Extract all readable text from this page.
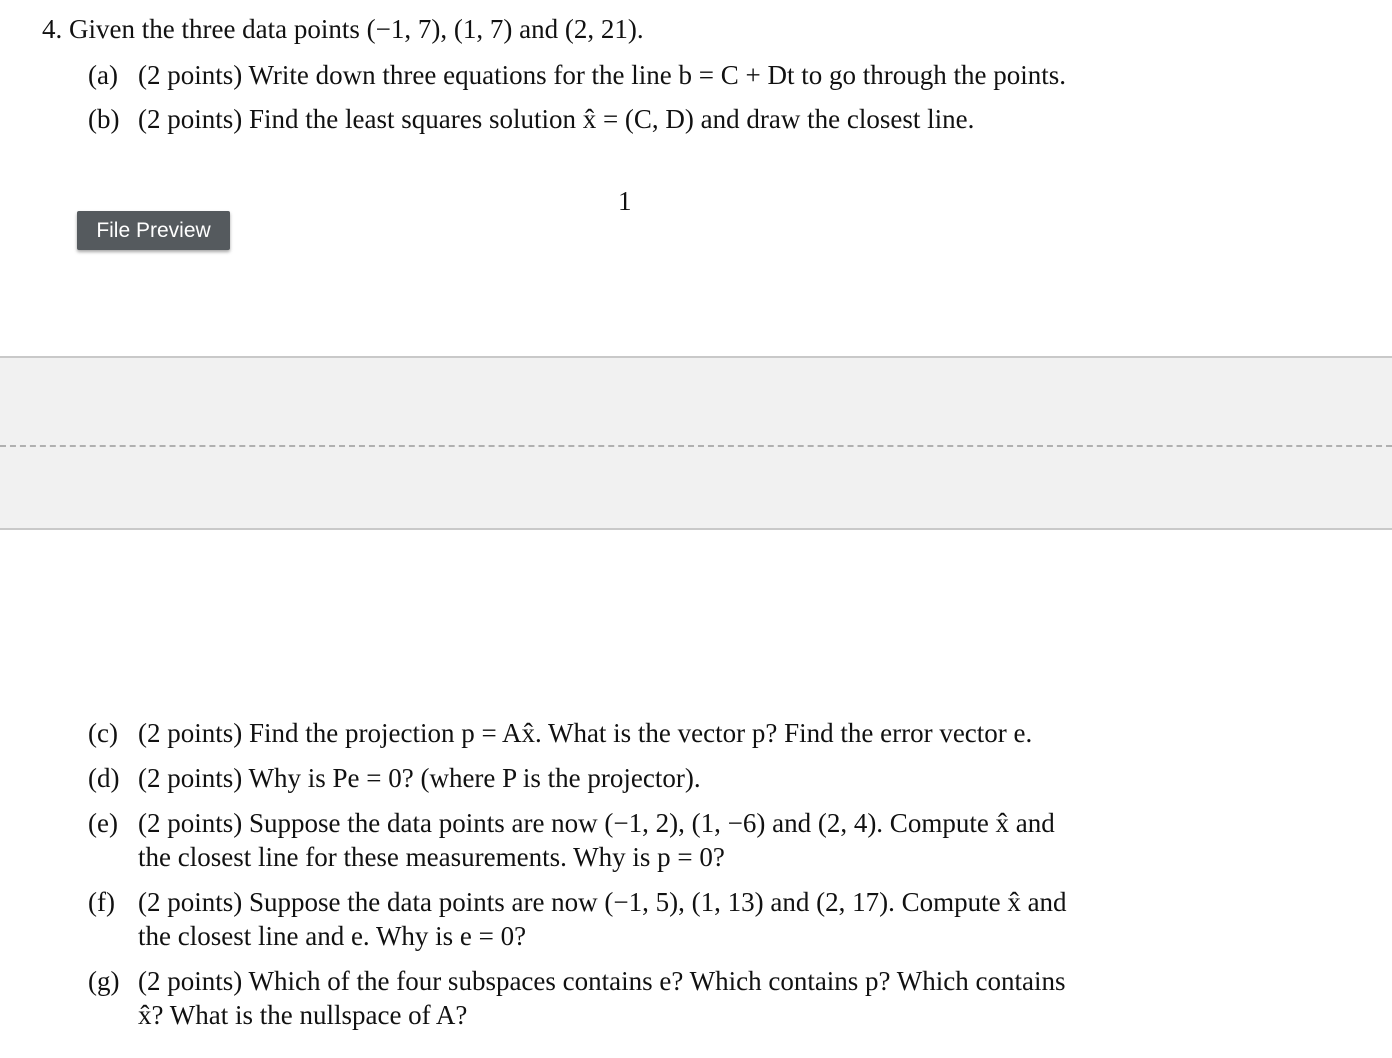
4. Given the three data points (−1, 7), (1, 7) and (2, 21).
(a) (2 points) Write down three equations for the line b = C + Dt to go through the points.
(b) (2 points) Find the least squares solution x̂ = (C, D) and draw the closest line.
1
File Preview
(c) (2 points) Find the projection p = Ax̂. What is the vector p? Find the error vector e.
(d) (2 points) Why is Pe = 0? (where P is the projector).
(e) (2 points) Suppose the data points are now (−1, 2), (1, −6) and (2, 4). Compute x̂ and
the closest line for these measurements. Why is p = 0?
(f) (2 points) Suppose the data points are now (−1, 5), (1, 13) and (2, 17). Compute x̂ and
the closest line and e. Why is e = 0?
(g) (2 points) Which of the four subspaces contains e? Which contains p? Which contains
x̂? What is the nullspace of A?
